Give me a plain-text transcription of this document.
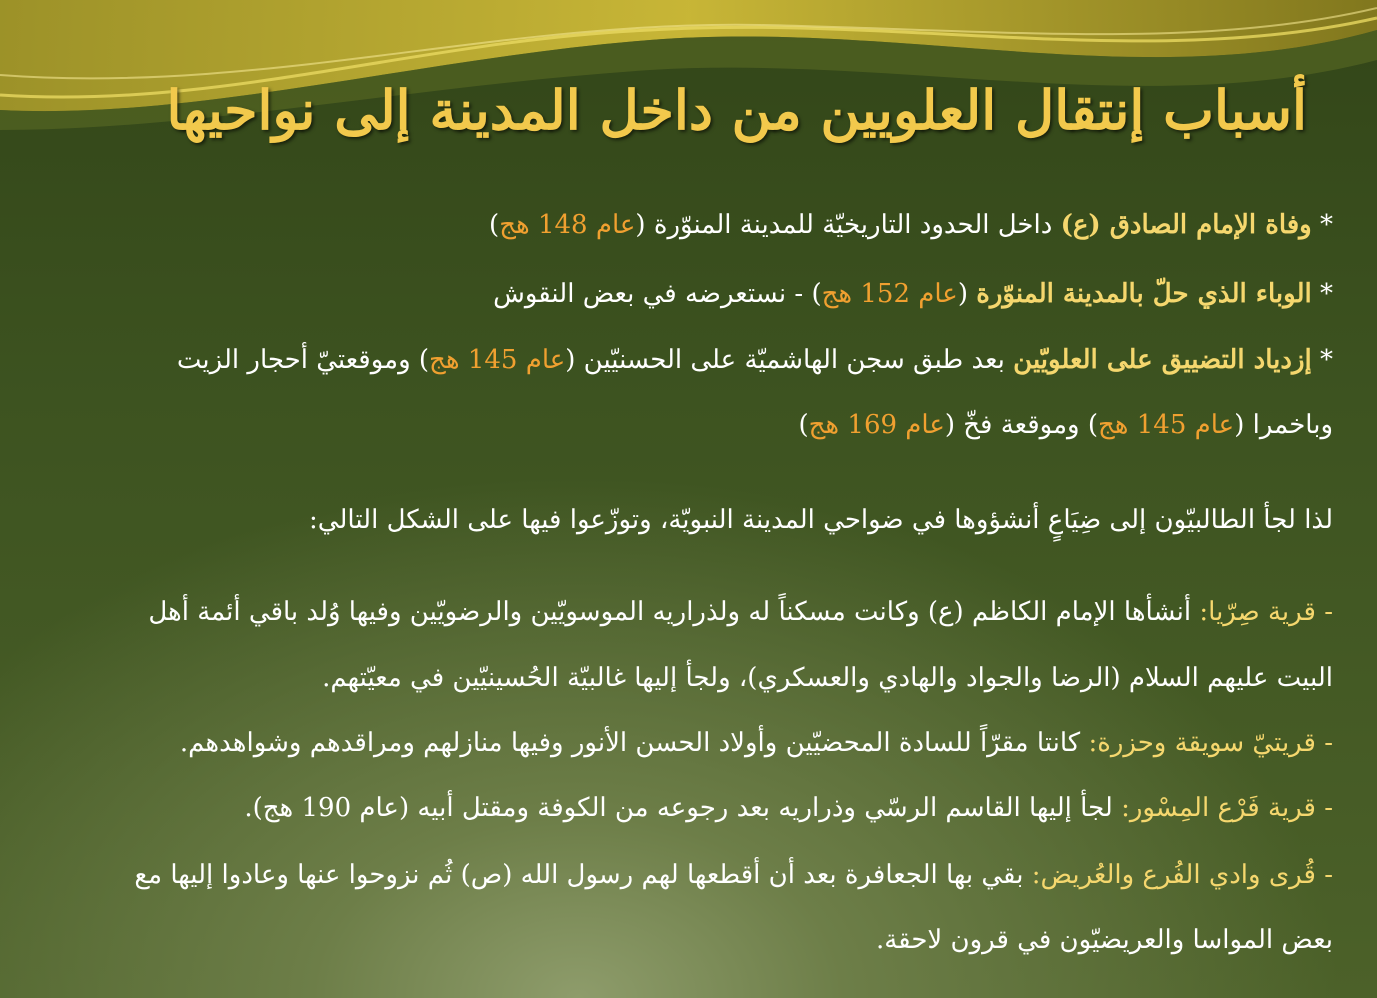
أسباب إنتقال العلويين من داخل المدينة إلى نواحيها
* وفاة الإمام الصادق (ع) داخل الحدود التاريخيّة للمدينة المنوّرة (عام 148 هج)
* الوباء الذي حلّ بالمدينة المنوّرة (عام 152 هج) - نستعرضه في بعض النقوش
* إزدياد التضييق على العلويّين بعد طبق سجن الهاشميّة على الحسنيّين (عام 145 هج) وموقعتيّ أحجار الزيت
وباخمرا (عام 145 هج) وموقعة فخّ (عام 169 هج)
لذا لجأ الطالبيّون إلى ضِيَاعٍ أنشؤوها في ضواحي المدينة النبويّة، وتوزّعوا فيها على الشكل التالي:
- قرية صِرّيا: أنشأها الإمام الكاظم (ع) وكانت مسكناً له ولذراريه الموسويّين والرضويّين وفيها وُلد باقي أئمة أهل
البيت عليهم السلام (الرضا والجواد والهادي والعسكري)، ولجأ إليها غالبيّة الحُسينيّين في معيّتهم.
- قريتيّ سويقة وحزرة: كانتا مقرّاً للسادة المحضيّين وأولاد الحسن الأنور وفيها منازلهم ومراقدهم وشواهدهم.
- قرية فَرْع المِسْور: لجأ إليها القاسم الرسّي وذراريه بعد رجوعه من الكوفة ومقتل أبيه (عام 190 هج).
- قُرى وادي الفُرع والعُريض: بقي بها الجعافرة بعد أن أقطعها لهم رسول الله (ص) ثُم نزوحوا عنها وعادوا إليها مع
بعض المواسا والعريضيّون في قرون لاحقة.
